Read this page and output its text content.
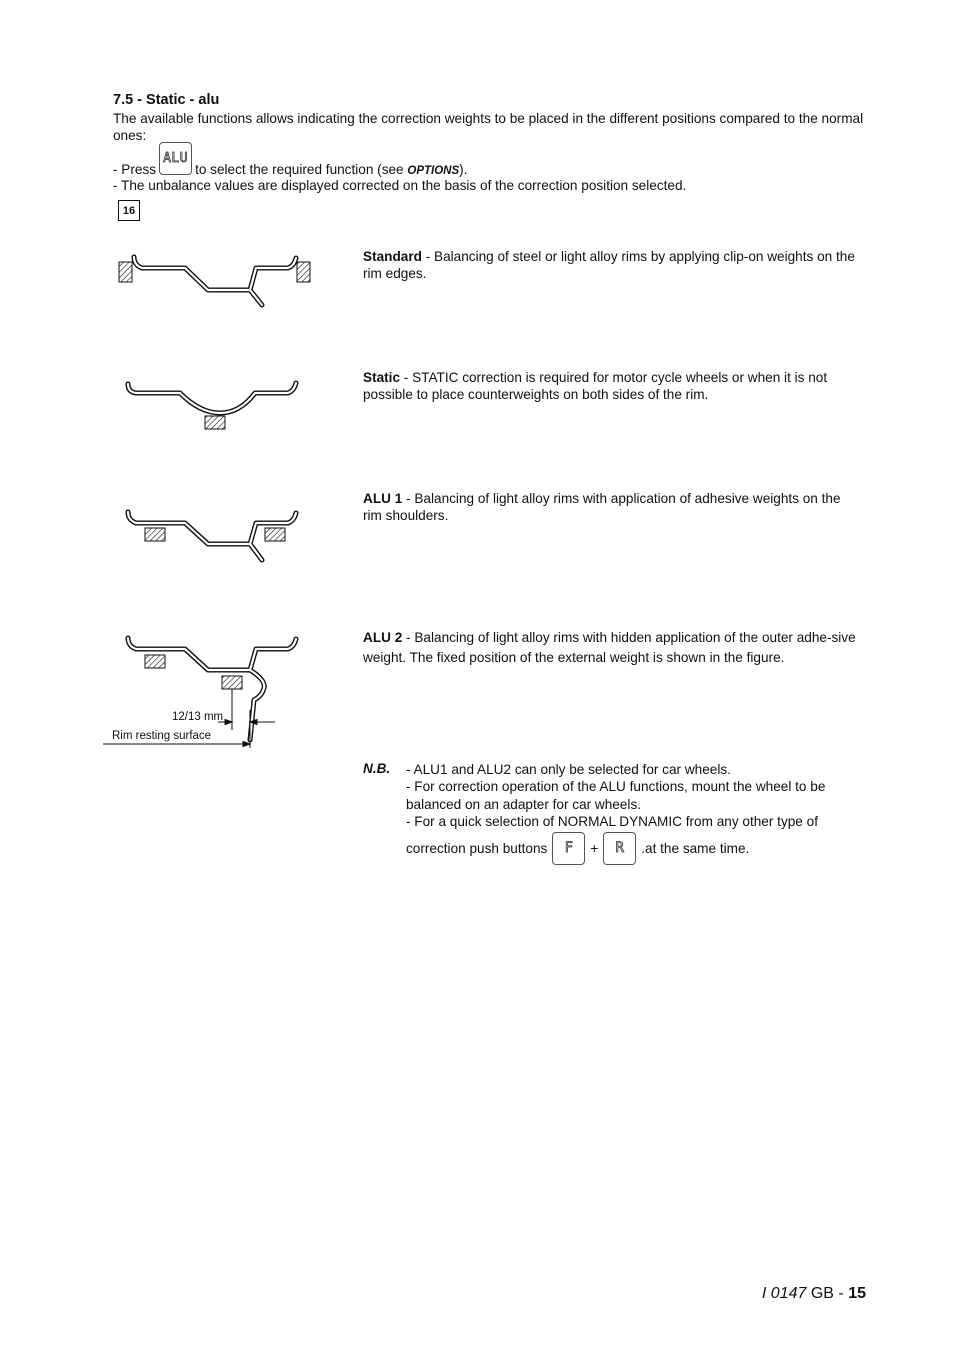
7.5 - Static - alu
The available functions allows indicating the correction weights to be placed in the different positions compared to the normal ones:
- Press
ALU
to select the required function (see
OPTIONS ).
- The unbalance values are displayed corrected on the basis of the correction position selected.
16
Standard - Balancing of steel or light alloy rims by applying clip-on weights on the rim edges.
Static - STATIC correction is required for motor cycle wheels or when it is not possible to place counterweights on both sides of the rim.
ALU 1 - Balancing of light alloy rims with application of adhesive weights on the rim shoulders.
12/13 mm
Rim resting surface
ALU 2 - Balancing of light alloy rims with hidden application of the outer adhe-sive weight. The fixed position of the external weight is shown in the figure.
N.B. - ALU1 and ALU2 can only be selected for car wheels.
- For correction operation of the ALU functions, mount the wheel to be balanced on an adapter for car wheels.
- For a quick selection of NORMAL DYNAMIC from any other type of
correction push buttons	F	+	R	.at the same time.
I 0147 GB - 15
